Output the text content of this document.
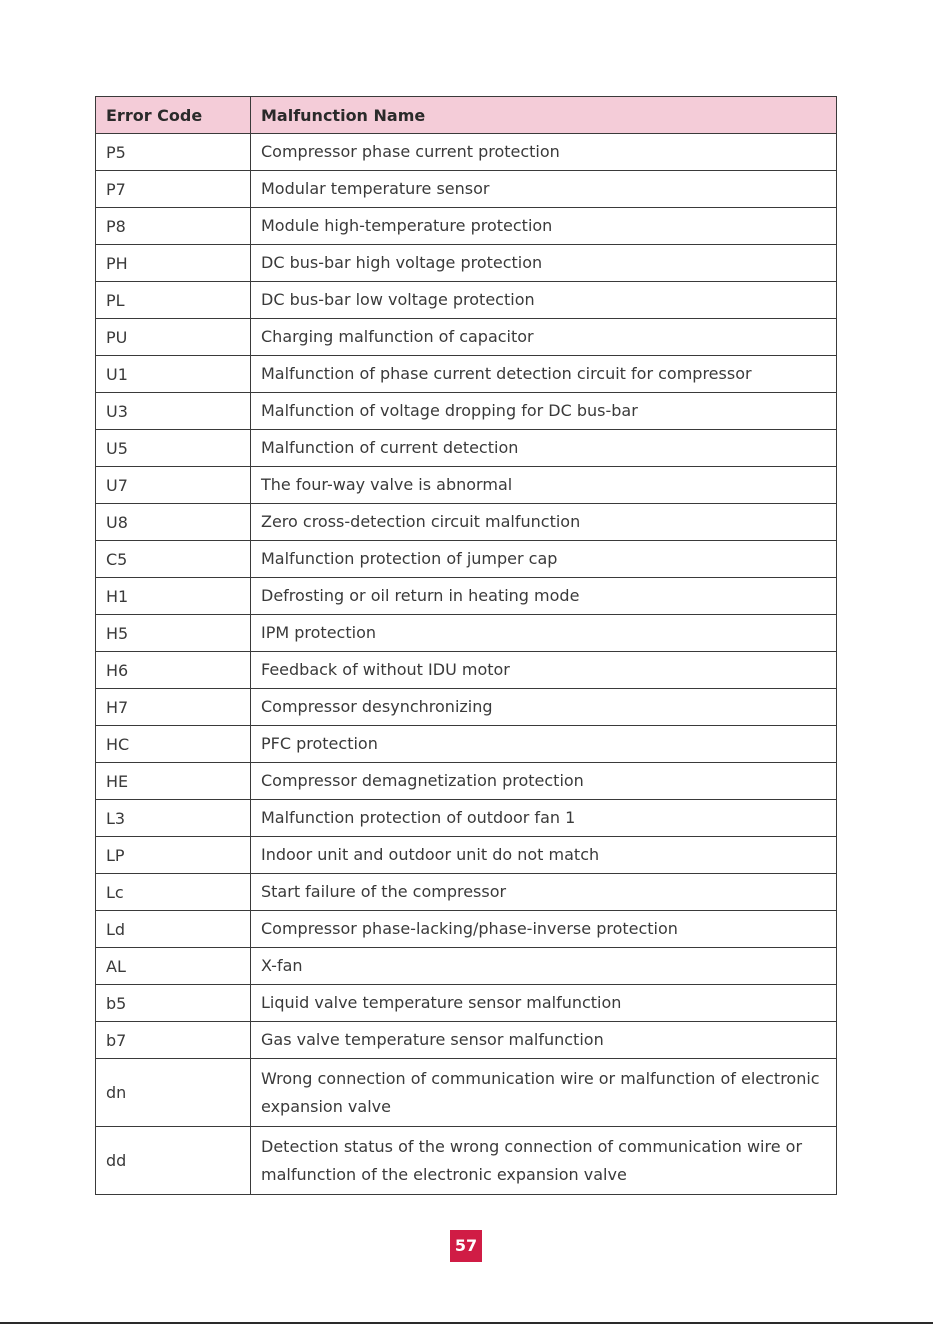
Error Code	Malfunction Name
P5	Compressor phase current protection
P7	Modular temperature sensor
P8	Module high-temperature protection
PH	DC bus-bar high voltage protection
PL	DC bus-bar low voltage protection
PU	Charging malfunction of capacitor
U1	Malfunction of phase current detection circuit for compressor
U3	Malfunction of voltage dropping for DC bus-bar
U5	Malfunction of current detection
U7	The four-way valve is abnormal
U8	Zero cross-detection circuit malfunction
C5	Malfunction protection of jumper cap
H1	Defrosting or oil return in heating mode
H5	IPM protection
H6	Feedback of without IDU motor
H7	Compressor desynchronizing
HC	PFC protection
HE	Compressor demagnetization protection
L3	Malfunction protection of outdoor fan 1
LP	Indoor unit and outdoor unit do not match
Lc	Start failure of the compressor
Ld	Compressor phase-lacking/phase-inverse protection
AL	X-fan
b5	Liquid valve temperature sensor malfunction
b7	Gas valve temperature sensor malfunction
dn	Wrong connection of communication wire or malfunction of electronic expansion valve
dd	Detection status of the wrong connection of communication wire or malfunction of the electronic expansion valve
57
